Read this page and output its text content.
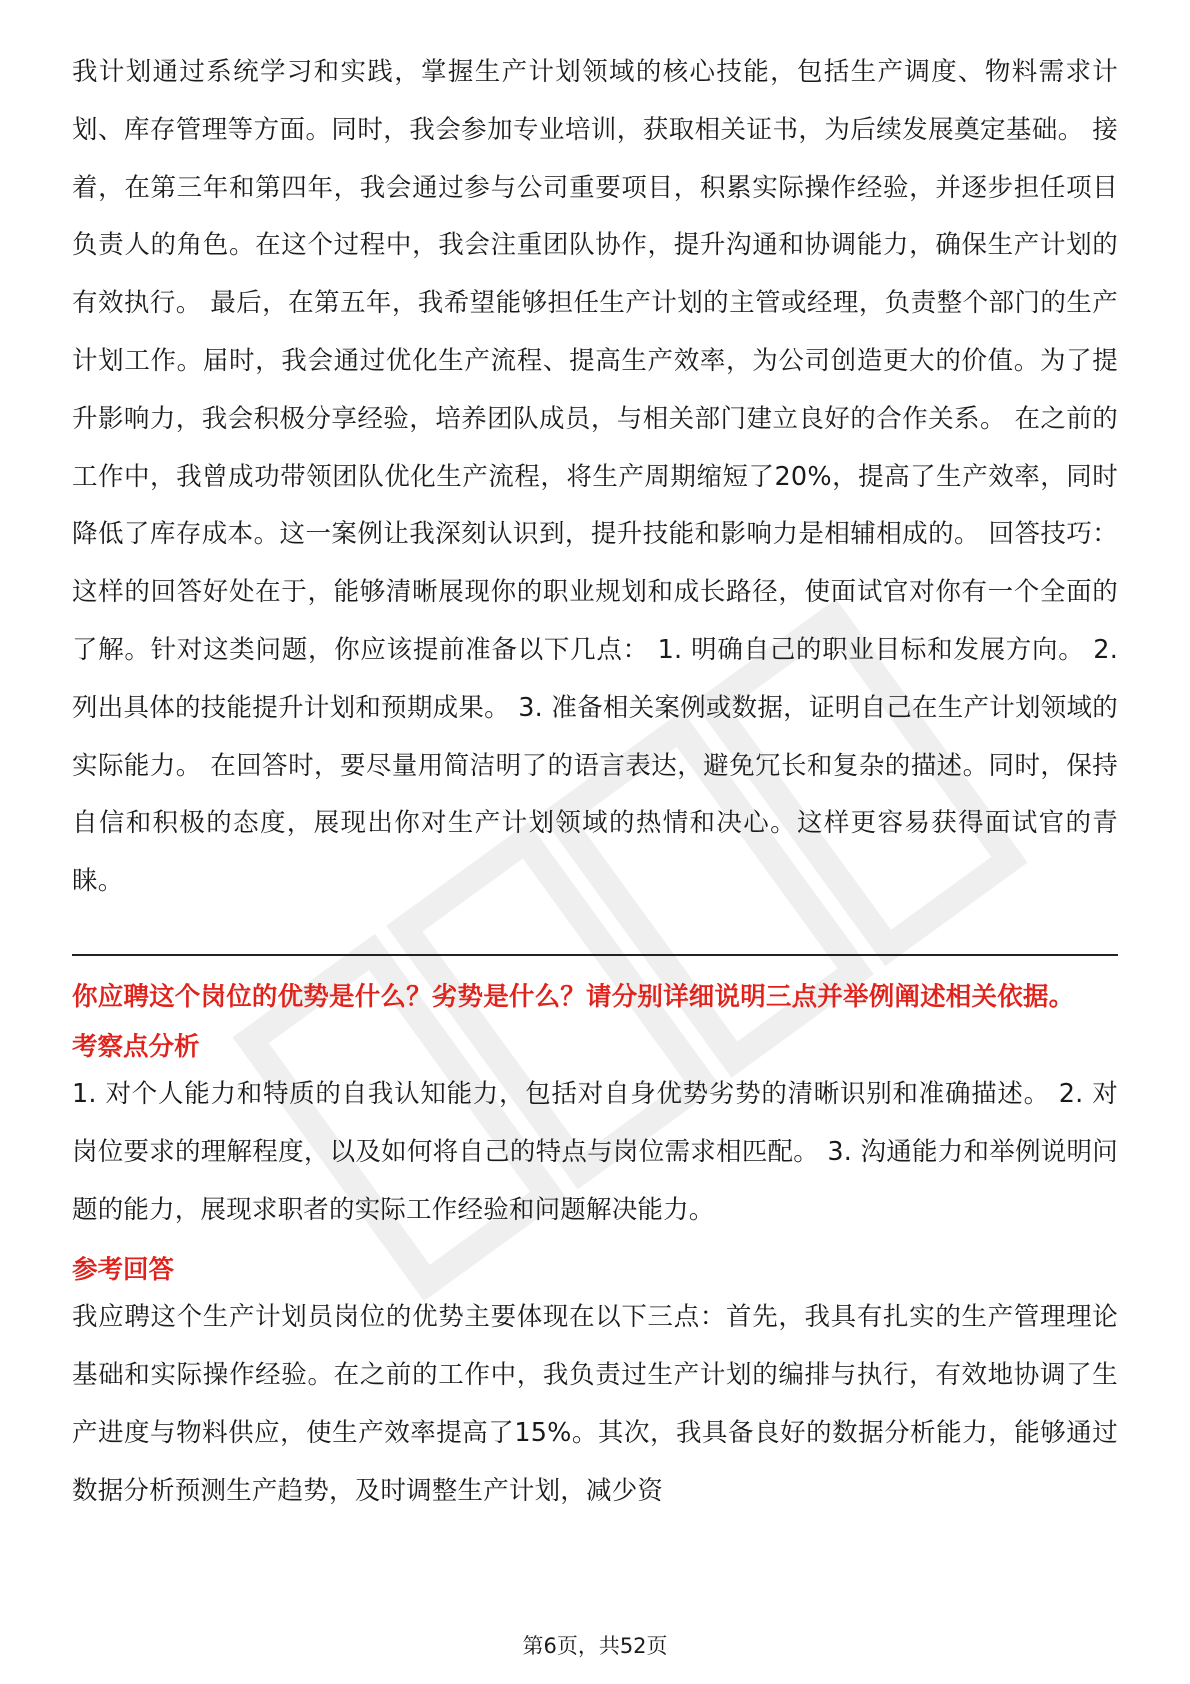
我计划通过系统学习和实践，掌握生产计划领域的核心技能，包括生产调度、物料需求计划、库存管理等方面。同时，我会参加专业培训，获取相关证书，为后续发展奠定基础。 接着，在第三年和第四年，我会通过参与公司重要项目，积累实际操作经验，并逐步担任项目负责人的角色。在这个过程中，我会注重团队协作，提升沟通和协调能力，确保生产计划的有效执行。 最后，在第五年，我希望能够担任生产计划的主管或经理，负责整个部门的生产计划工作。届时，我会通过优化生产流程、提高生产效率，为公司创造更大的价值。为了提升影响力，我会积极分享经验，培养团队成员，与相关部门建立良好的合作关系。 在之前的工作中，我曾成功带领团队优化生产流程，将生产周期缩短了20%，提高了生产效率，同时降低了库存成本。这一案例让我深刻认识到，提升技能和影响力是相辅相成的。 回答技巧：这样的回答好处在于，能够清晰展现你的职业规划和成长路径，使面试官对你有一个全面的了解。针对这类问题，你应该提前准备以下几点： 1. 明确自己的职业目标和发展方向。 2. 列出具体的技能提升计划和预期成果。 3. 准备相关案例或数据，证明自己在生产计划领域的实际能力。 在回答时，要尽量用简洁明了的语言表达，避免冗长和复杂的描述。同时，保持自信和积极的态度，展现出你对生产计划领域的热情和决心。这样更容易获得面试官的青睐。

你应聘这个岗位的优势是什么？劣势是什么？请分别详细说明三点并举例阐述相关依据。

考察点分析

1. 对个人能力和特质的自我认知能力，包括对自身优势劣势的清晰识别和准确描述。 2. 对岗位要求的理解程度，以及如何将自己的特点与岗位需求相匹配。 3. 沟通能力和举例说明问题的能力，展现求职者的实际工作经验和问题解决能力。

参考回答

我应聘这个生产计划员岗位的优势主要体现在以下三点：首先，我具有扎实的生产管理理论基础和实际操作经验。在之前的工作中，我负责过生产计划的编排与执行，有效地协调了生产进度与物料供应，使生产效率提高了15%。其次，我具备良好的数据分析能力，能够通过数据分析预测生产趋势，及时调整生产计划，减少资

第6页，共52页
